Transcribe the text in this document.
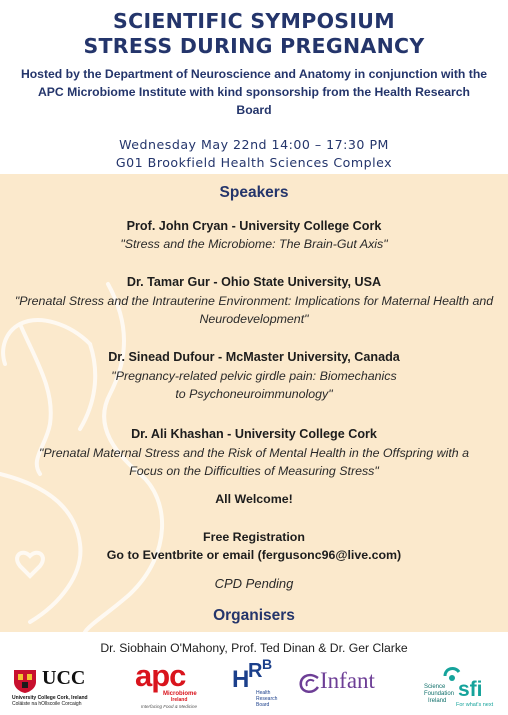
SCIENTIFIC SYMPOSIUM
STRESS DURING PREGNANCY
Hosted by the Department of Neuroscience and Anatomy in conjunction with the APC Microbiome Institute with kind sponsorship from the Health Research Board
Wednesday May 22nd 14:00 – 17:30 PM
G01 Brookfield Health Sciences Complex
Speakers
Prof. John Cryan - University College Cork
"Stress and the Microbiome: The Brain-Gut Axis"
Dr. Tamar Gur - Ohio State University, USA
"Prenatal Stress and the Intrauterine Environment: Implications for Maternal Health and Neurodevelopment"
Dr. Sinead Dufour - McMaster University, Canada
"Pregnancy-related pelvic girdle pain: Biomechanics to Psychoneuroimmunology"
Dr. Ali Khashan - University College Cork
"Prenatal Maternal Stress and the Risk of Mental Health in the Offspring with a Focus on the Difficulties of Measuring Stress"
All Welcome!
Free Registration
Go to Eventbrite or email (fergusonc96@live.com)
CPD Pending
Organisers
Dr. Siobhain O'Mahony, Prof. Ted Dinan & Dr. Ger Clarke
UCC
University College Cork, Ireland
Coláiste na hOllscoile Corcaigh
apc
Microbiome
Ireland
Interfacing Food & Medicine
H
R B
Health
Research
Board
Infant	Science
Foundation
Ireland sfi
For what's next
